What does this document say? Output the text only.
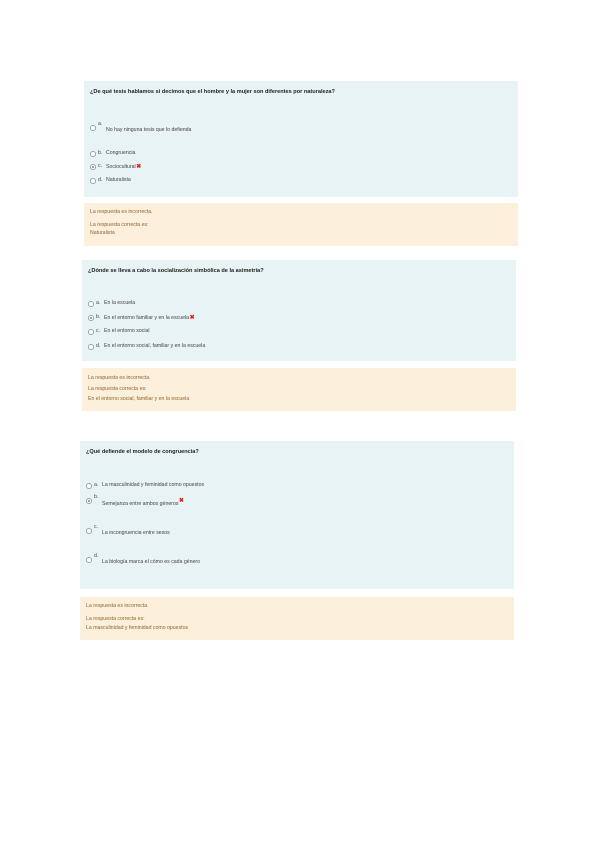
¿De qué tesis hablamos si decimos que el hombre y la mujer son diferentes por naturaleza?
a.
No hay ninguna tesis que lo defienda
b. Congruencia
c. Sociocultural✖
d. Naturalista
La respuesta es incorrecta.
La respuesta correcta es:
Naturalista
¿Dónde se lleva a cabo la socialización simbólica de la asimetría?
a. En la escuela
b. En el entorno familiar y en la escuela✖
c. En el entorno social
d. En el entorno social, familiar y en la escuela
La respuesta es incorrecta.
La respuesta correcta es:
En el entorno social, familiar y en la escuela
¿Qué defiende el modelo de congruencia?
a. La masculinidad y feminidad como opuestos
b.
Semejanza entre ambos géneros✖
c.
La incongruencia entre sexos
d.
La biología marca el cómo es cada género
La respuesta es incorrecta.
La respuesta correcta es:
La masculinidad y feminidad como opuestos
